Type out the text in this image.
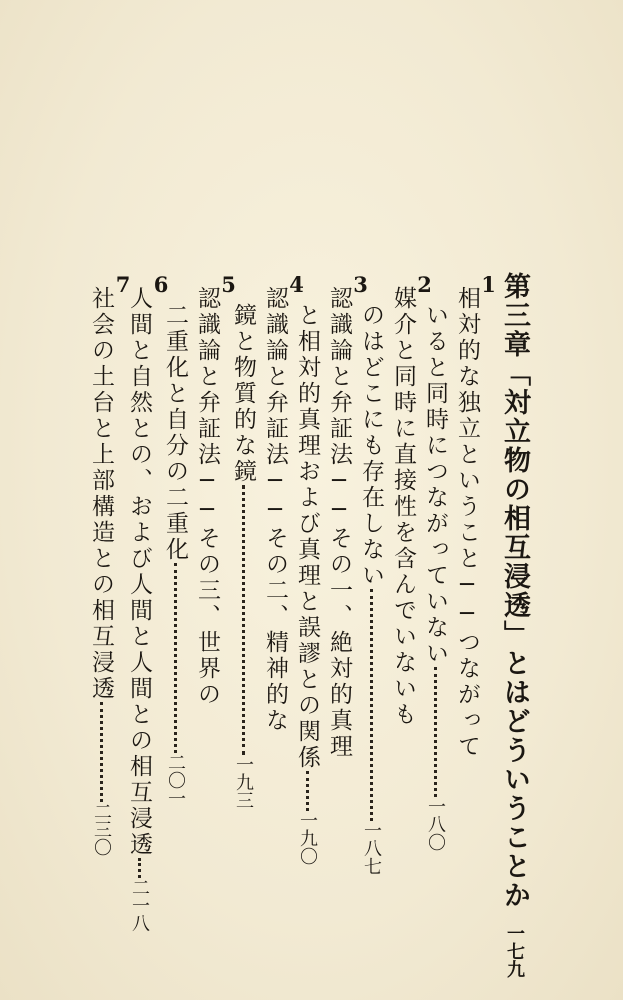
第三章「対立物の相互浸透」とはどういうことか一七九
1
相対的な独立ということ──つながって
いると同時につながっていない一八〇
2
媒介と同時に直接性を含んでいないも
のはどこにも存在しない一八七
3
認識論と弁証法──その一、絶対的真理
と相対的真理および真理と誤謬との関係一九〇
4
認識論と弁証法──その二、精神的な
鏡と物質的な鏡一九三
5
認識論と弁証法──その三、世界の
二重化と自分の二重化二〇一
6
人間と自然との、および人間と人間との相互浸透二一八
7
社会の土台と上部構造との相互浸透二三〇
